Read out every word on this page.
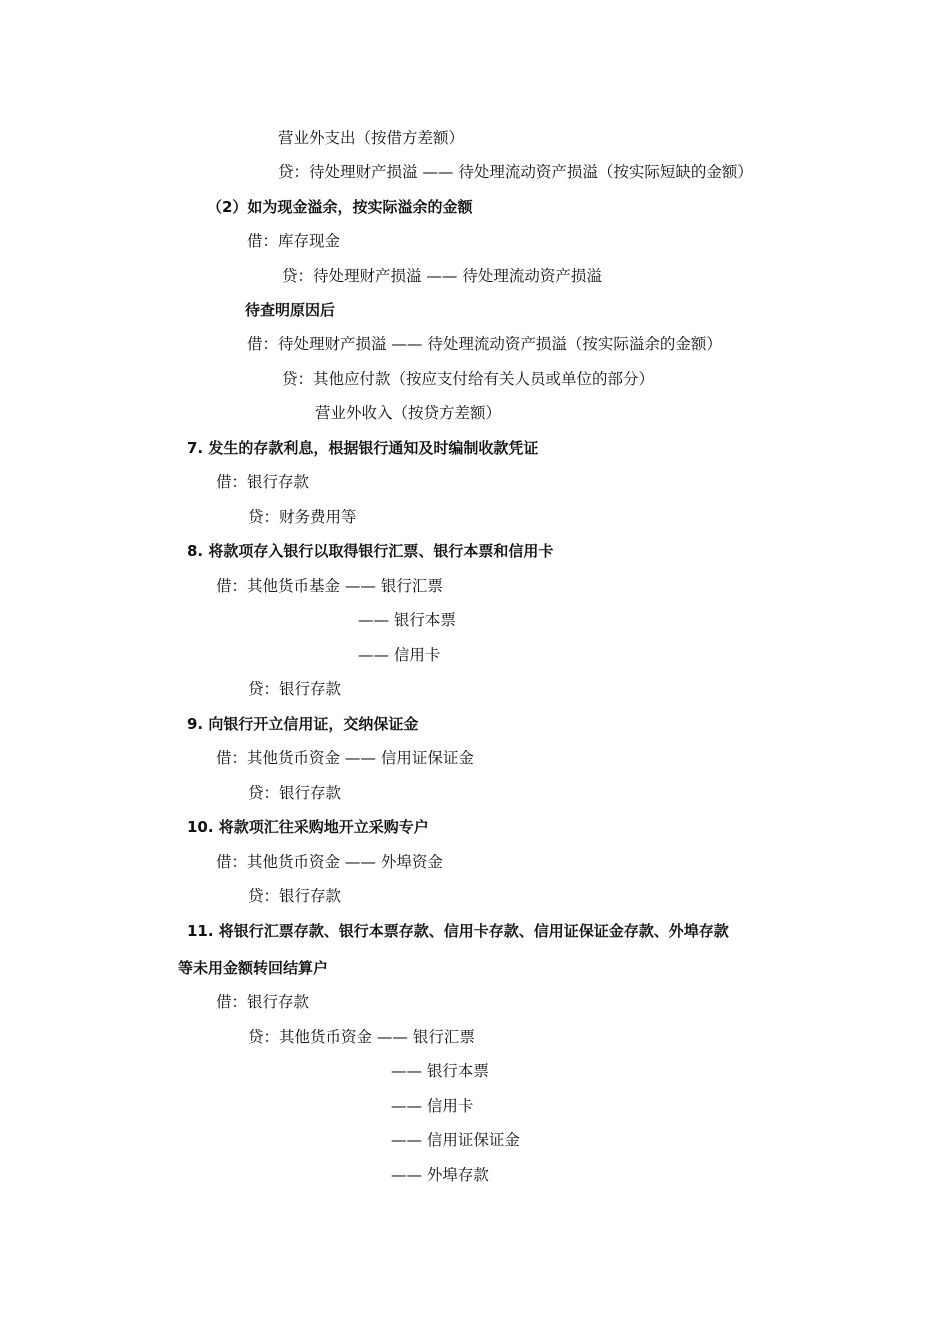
营业外支出（按借方差额）
贷：待处理财产损溢 —— 待处理流动资产损溢（按实际短缺的金额）
（2）如为现金溢余，按实际溢余的金额
借：库存现金
贷：待处理财产损溢 —— 待处理流动资产损溢
待查明原因后
借：待处理财产损溢 —— 待处理流动资产损溢（按实际溢余的金额）
贷：其他应付款（按应支付给有关人员或单位的部分）
营业外收入（按贷方差额）
7. 发生的存款利息，根据银行通知及时编制收款凭证
借：银行存款
贷：财务费用等
8. 将款项存入银行以取得银行汇票、银行本票和信用卡
借：其他货币基金 —— 银行汇票
—— 银行本票
—— 信用卡
贷：银行存款
9. 向银行开立信用证，交纳保证金
借：其他货币资金 —— 信用证保证金
贷：银行存款
10. 将款项汇往采购地开立采购专户
借：其他货币资金 —— 外埠资金
贷：银行存款
11. 将银行汇票存款、银行本票存款、信用卡存款、信用证保证金存款、外埠存款
等未用金额转回结算户
借：银行存款
贷：其他货币资金 —— 银行汇票
—— 银行本票
—— 信用卡
—— 信用证保证金
—— 外埠存款
